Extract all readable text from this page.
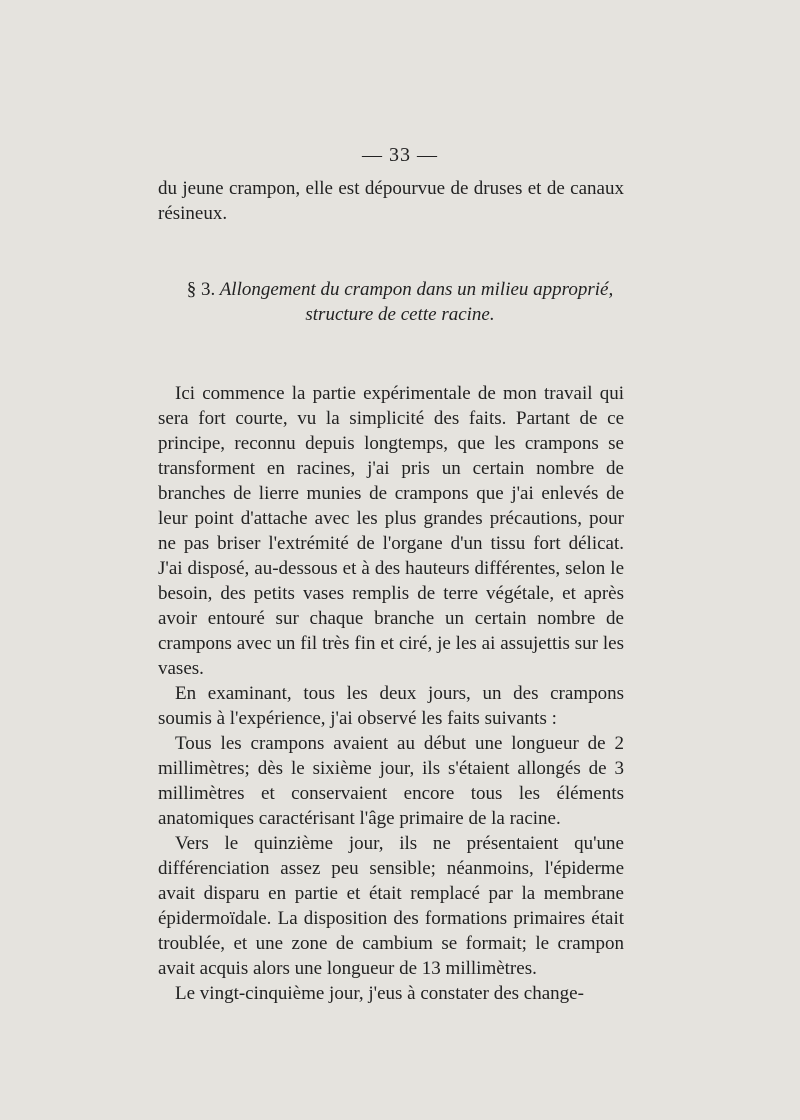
— 33 —
du jeune crampon, elle est dépourvue de druses et de canaux résineux.
§ 3. Allongement du crampon dans un milieu approprié,
structure de cette racine.

Ici commence la partie expérimentale de mon travail qui sera fort courte, vu la simplicité des faits. Partant de ce principe, reconnu depuis longtemps, que les crampons se transforment en racines, j'ai pris un certain nombre de branches de lierre munies de crampons que j'ai enlevés de leur point d'attache avec les plus grandes précautions, pour ne pas briser l'extrémité de l'organe d'un tissu fort délicat. J'ai disposé, au-dessous et à des hauteurs différentes, selon le besoin, des petits vases remplis de terre végétale, et après avoir entouré sur chaque branche un certain nombre de crampons avec un fil très fin et ciré, je les ai assujettis sur les vases.

En examinant, tous les deux jours, un des crampons soumis à l'expérience, j'ai observé les faits suivants :

Tous les crampons avaient au début une longueur de 2 millimètres; dès le sixième jour, ils s'étaient allongés de 3 millimètres et conservaient encore tous les éléments anatomiques caractérisant l'âge primaire de la racine.

Vers le quinzième jour, ils ne présentaient qu'une différenciation assez peu sensible; néanmoins, l'épiderme avait disparu en partie et était remplacé par la membrane épidermoïdale. La disposition des formations primaires était troublée, et une zone de cambium se formait; le crampon avait acquis alors une longueur de 13 millimètres.

Le vingt-cinquième jour, j'eus à constater des change-
